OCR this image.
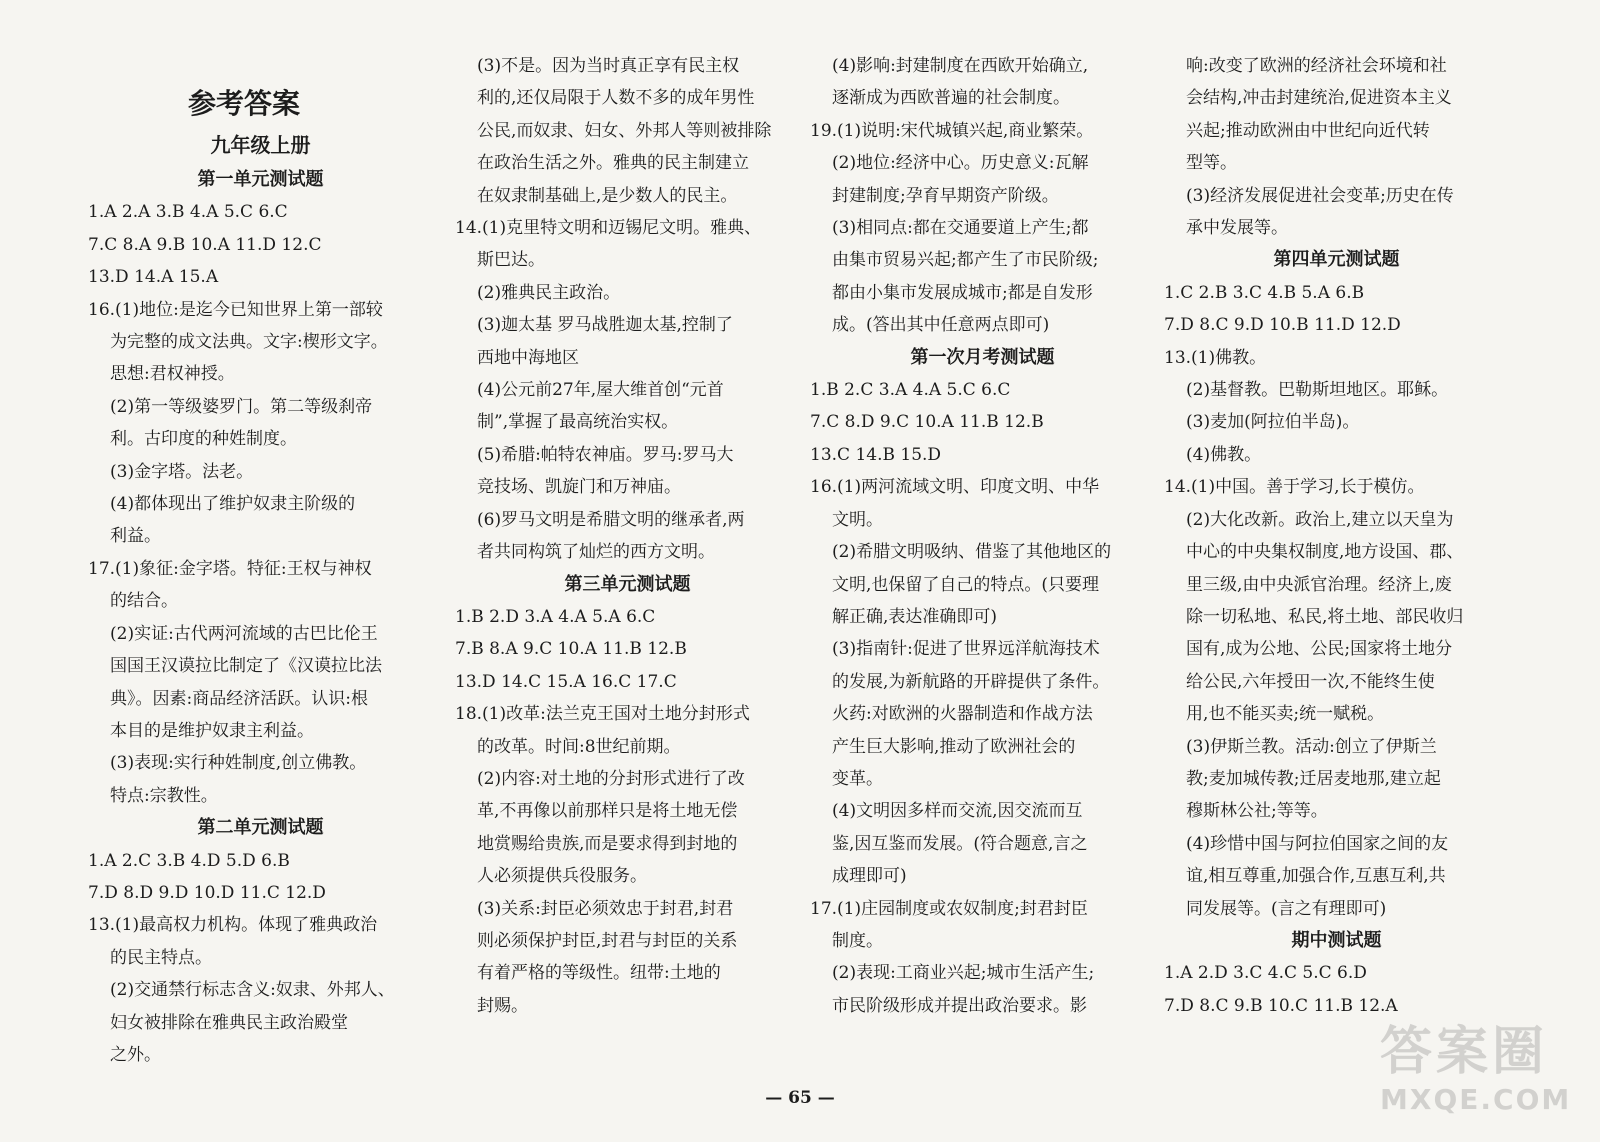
参考答案
九年级上册
第一单元测试题
1.A 2.A 3.B 4.A 5.C 6.C
7.C 8.A 9.B 10.A 11.D 12.C
13.D 14.A 15.A
16.(1)地位:是迄今已知世界上第一部较
为完整的成文法典。文字:楔形文字。
思想:君权神授。
(2)第一等级婆罗门。第二等级刹帝
利。古印度的种姓制度。
(3)金字塔。法老。
(4)都体现出了维护奴隶主阶级的
利益。
17.(1)象征:金字塔。特征:王权与神权
的结合。
(2)实证:古代两河流域的古巴比伦王
国国王汉谟拉比制定了《汉谟拉比法
典》。因素:商品经济活跃。认识:根
本目的是维护奴隶主利益。
(3)表现:实行种姓制度,创立佛教。
特点:宗教性。
第二单元测试题
1.A 2.C 3.B 4.D 5.D 6.B
7.D 8.D 9.D 10.D 11.C 12.D
13.(1)最高权力机构。体现了雅典政治
的民主特点。
(2)交通禁行标志含义:奴隶、外邦人、
妇女被排除在雅典民主政治殿堂
之外。
(3)不是。因为当时真正享有民主权
利的,还仅局限于人数不多的成年男性
公民,而奴隶、妇女、外邦人等则被排除
在政治生活之外。雅典的民主制建立
在奴隶制基础上,是少数人的民主。
14.(1)克里特文明和迈锡尼文明。雅典、
斯巴达。
(2)雅典民主政治。
(3)迦太基 罗马战胜迦太基,控制了
西地中海地区
(4)公元前27年,屋大维首创“元首
制”,掌握了最高统治实权。
(5)希腊:帕特农神庙。罗马:罗马大
竞技场、凯旋门和万神庙。
(6)罗马文明是希腊文明的继承者,两
者共同构筑了灿烂的西方文明。
第三单元测试题
1.B 2.D 3.A 4.A 5.A 6.C
7.B 8.A 9.C 10.A 11.B 12.B
13.D 14.C 15.A 16.C 17.C
18.(1)改革:法兰克王国对土地分封形式
的改革。时间:8世纪前期。
(2)内容:对土地的分封形式进行了改
革,不再像以前那样只是将土地无偿
地赏赐给贵族,而是要求得到封地的
人必须提供兵役服务。
(3)关系:封臣必须效忠于封君,封君
则必须保护封臣,封君与封臣的关系
有着严格的等级性。纽带:土地的
封赐。
(4)影响:封建制度在西欧开始确立,
逐渐成为西欧普遍的社会制度。
19.(1)说明:宋代城镇兴起,商业繁荣。
(2)地位:经济中心。历史意义:瓦解
封建制度;孕育早期资产阶级。
(3)相同点:都在交通要道上产生;都
由集市贸易兴起;都产生了市民阶级;
都由小集市发展成城市;都是自发形
成。(答出其中任意两点即可)
第一次月考测试题
1.B 2.C 3.A 4.A 5.C 6.C
7.C 8.D 9.C 10.A 11.B 12.B
13.C 14.B 15.D
16.(1)两河流域文明、印度文明、中华
文明。
(2)希腊文明吸纳、借鉴了其他地区的
文明,也保留了自己的特点。(只要理
解正确,表达准确即可)
(3)指南针:促进了世界远洋航海技术
的发展,为新航路的开辟提供了条件。
火药:对欧洲的火器制造和作战方法
产生巨大影响,推动了欧洲社会的
变革。
(4)文明因多样而交流,因交流而互
鉴,因互鉴而发展。(符合题意,言之
成理即可)
17.(1)庄园制度或农奴制度;封君封臣
制度。
(2)表现:工商业兴起;城市生活产生;
市民阶级形成并提出政治要求。影
响:改变了欧洲的经济社会环境和社
会结构,冲击封建统治,促进资本主义
兴起;推动欧洲由中世纪向近代转
型等。
(3)经济发展促进社会变革;历史在传
承中发展等。
第四单元测试题
1.C 2.B 3.C 4.B 5.A 6.B
7.D 8.C 9.D 10.B 11.D 12.D
13.(1)佛教。
(2)基督教。巴勒斯坦地区。耶稣。
(3)麦加(阿拉伯半岛)。
(4)佛教。
14.(1)中国。善于学习,长于模仿。
(2)大化改新。政治上,建立以天皇为
中心的中央集权制度,地方设国、郡、
里三级,由中央派官治理。经济上,废
除一切私地、私民,将土地、部民收归
国有,成为公地、公民;国家将土地分
给公民,六年授田一次,不能终生使
用,也不能买卖;统一赋税。
(3)伊斯兰教。活动:创立了伊斯兰
教;麦加城传教;迁居麦地那,建立起
穆斯林公社;等等。
(4)珍惜中国与阿拉伯国家之间的友
谊,相互尊重,加强合作,互惠互利,共
同发展等。(言之有理即可)
期中测试题
1.A 2.D 3.C 4.C 5.C 6.D
7.D 8.C 9.B 10.C 11.B 12.A
— 65 —
答案圈
MXQE.COM
